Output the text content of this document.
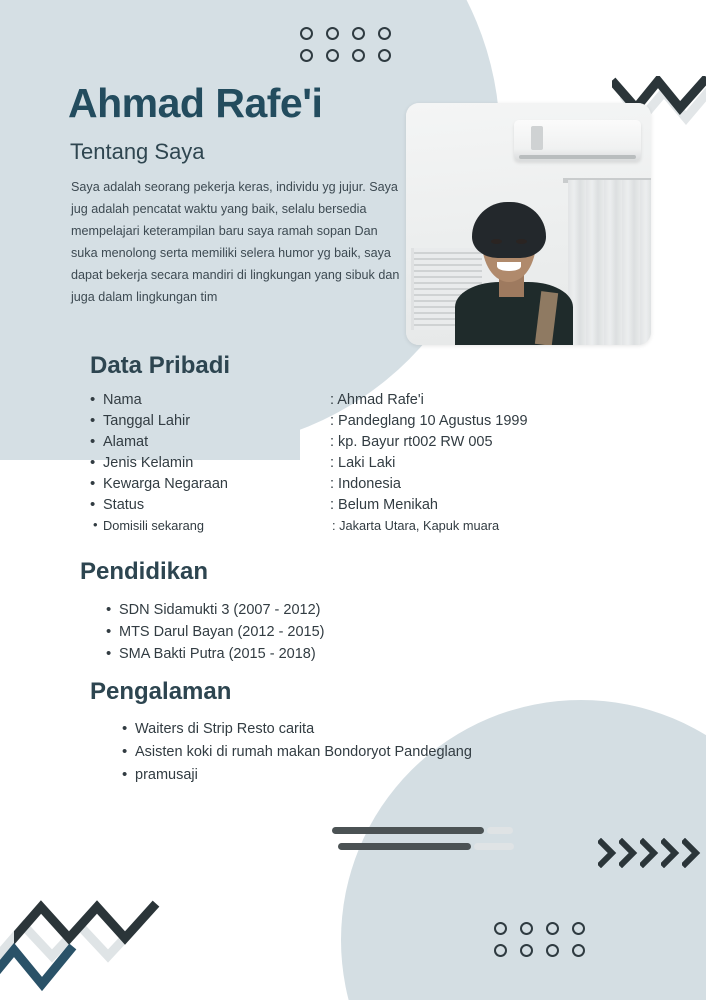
Ahmad Rafe'i
Tentang Saya
Saya adalah seorang pekerja keras, individu yg jujur. Saya jug adalah pencatat waktu yang baik, selalu bersedia mempelajari keterampilan baru saya ramah sopan Dan suka menolong serta memiliki selera humor yg baik, saya dapat bekerja secara mandiri di lingkungan yang sibuk dan juga dalam lingkungan tim
Data Pribadi
• Nama	: Ahmad Rafe'i
• Tanggal Lahir	: Pandeglang 10 Agustus 1999
• Alamat	: kp. Bayur rt002 RW 005
• Jenis Kelamin	: Laki Laki
• Kewarga Negaraan	: Indonesia
• Status	: Belum Menikah
• Domisili sekarang	: Jakarta Utara, Kapuk muara
Pendidikan
• SDN Sidamukti 3 (2007 - 2012)
• MTS Darul Bayan (2012 - 2015)
• SMA Bakti Putra (2015 - 2018)
Pengalaman
• Waiters di Strip Resto carita
• Asisten koki di rumah makan Bondoryot Pandeglang
• pramusaji
